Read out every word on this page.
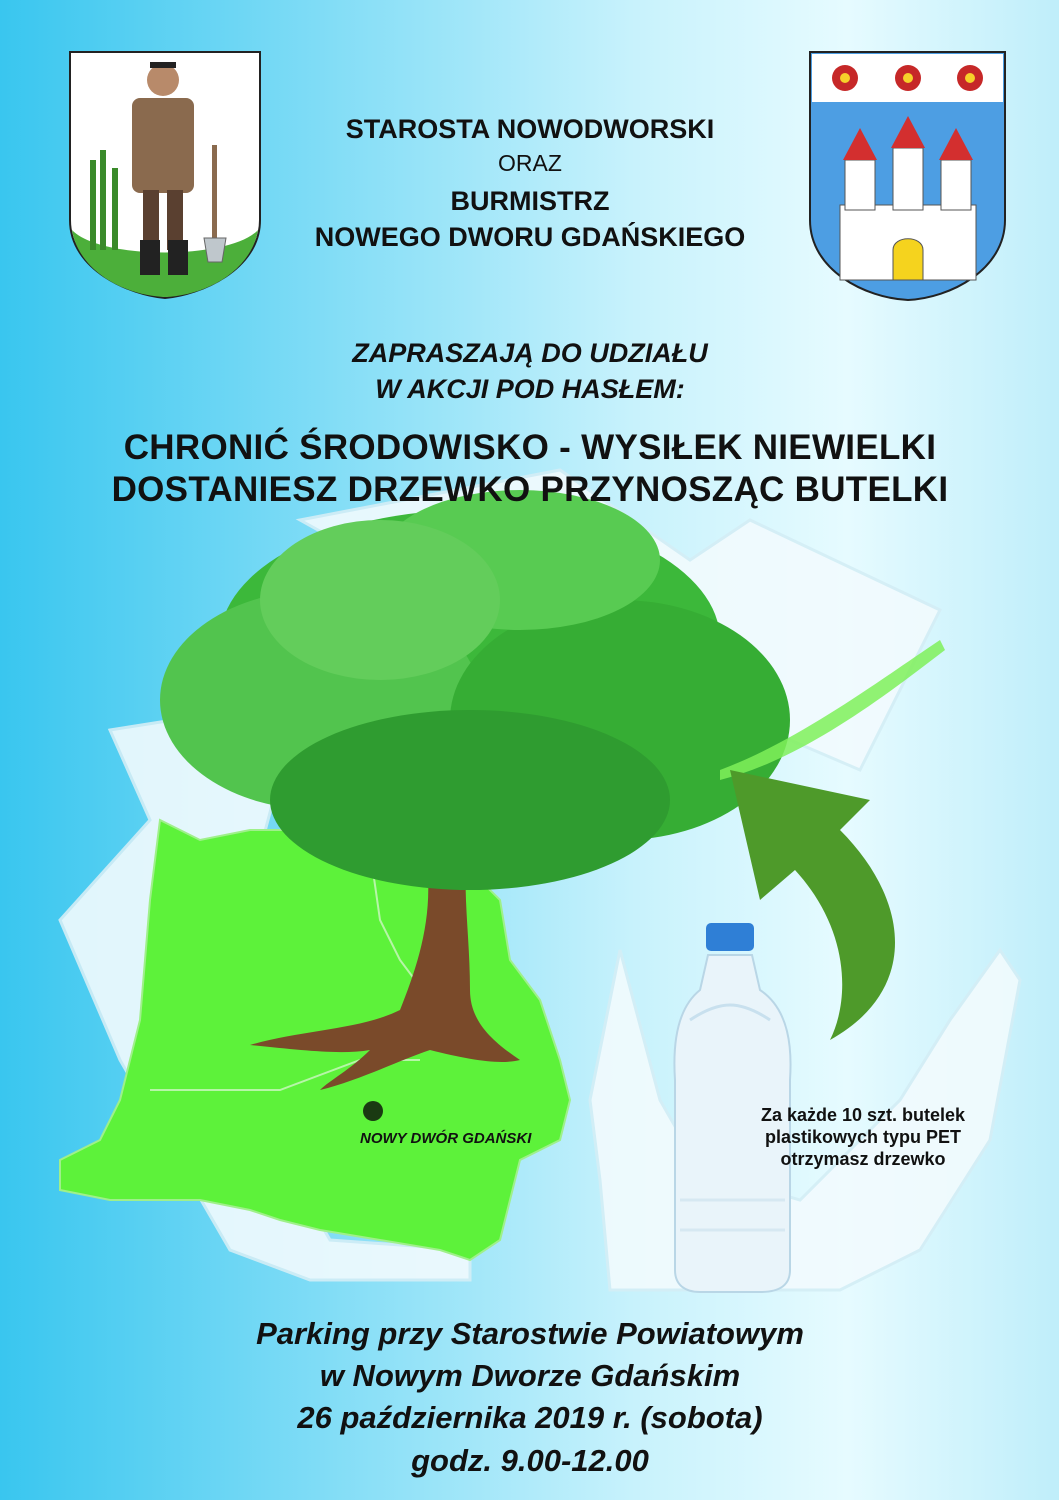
STAROSTA NOWODWORSKI
ORAZ
BURMISTRZ
NOWEGO DWORU GDAŃSKIEGO
ZAPRASZAJĄ DO UDZIAŁU
W AKCJI POD HASŁEM:
CHRONIĆ ŚRODOWISKO - WYSIŁEK NIEWIELKI
DOSTANIESZ DRZEWKO PRZYNOSZĄC BUTELKI
NOWY DWÓR GDAŃSKI
Za każde 10 szt. butelek
plastikowych typu PET
otrzymasz drzewko
Parking przy Starostwie Powiatowym
w Nowym Dworze Gdańskim
26 października 2019 r. (sobota)
godz. 9.00-12.00
